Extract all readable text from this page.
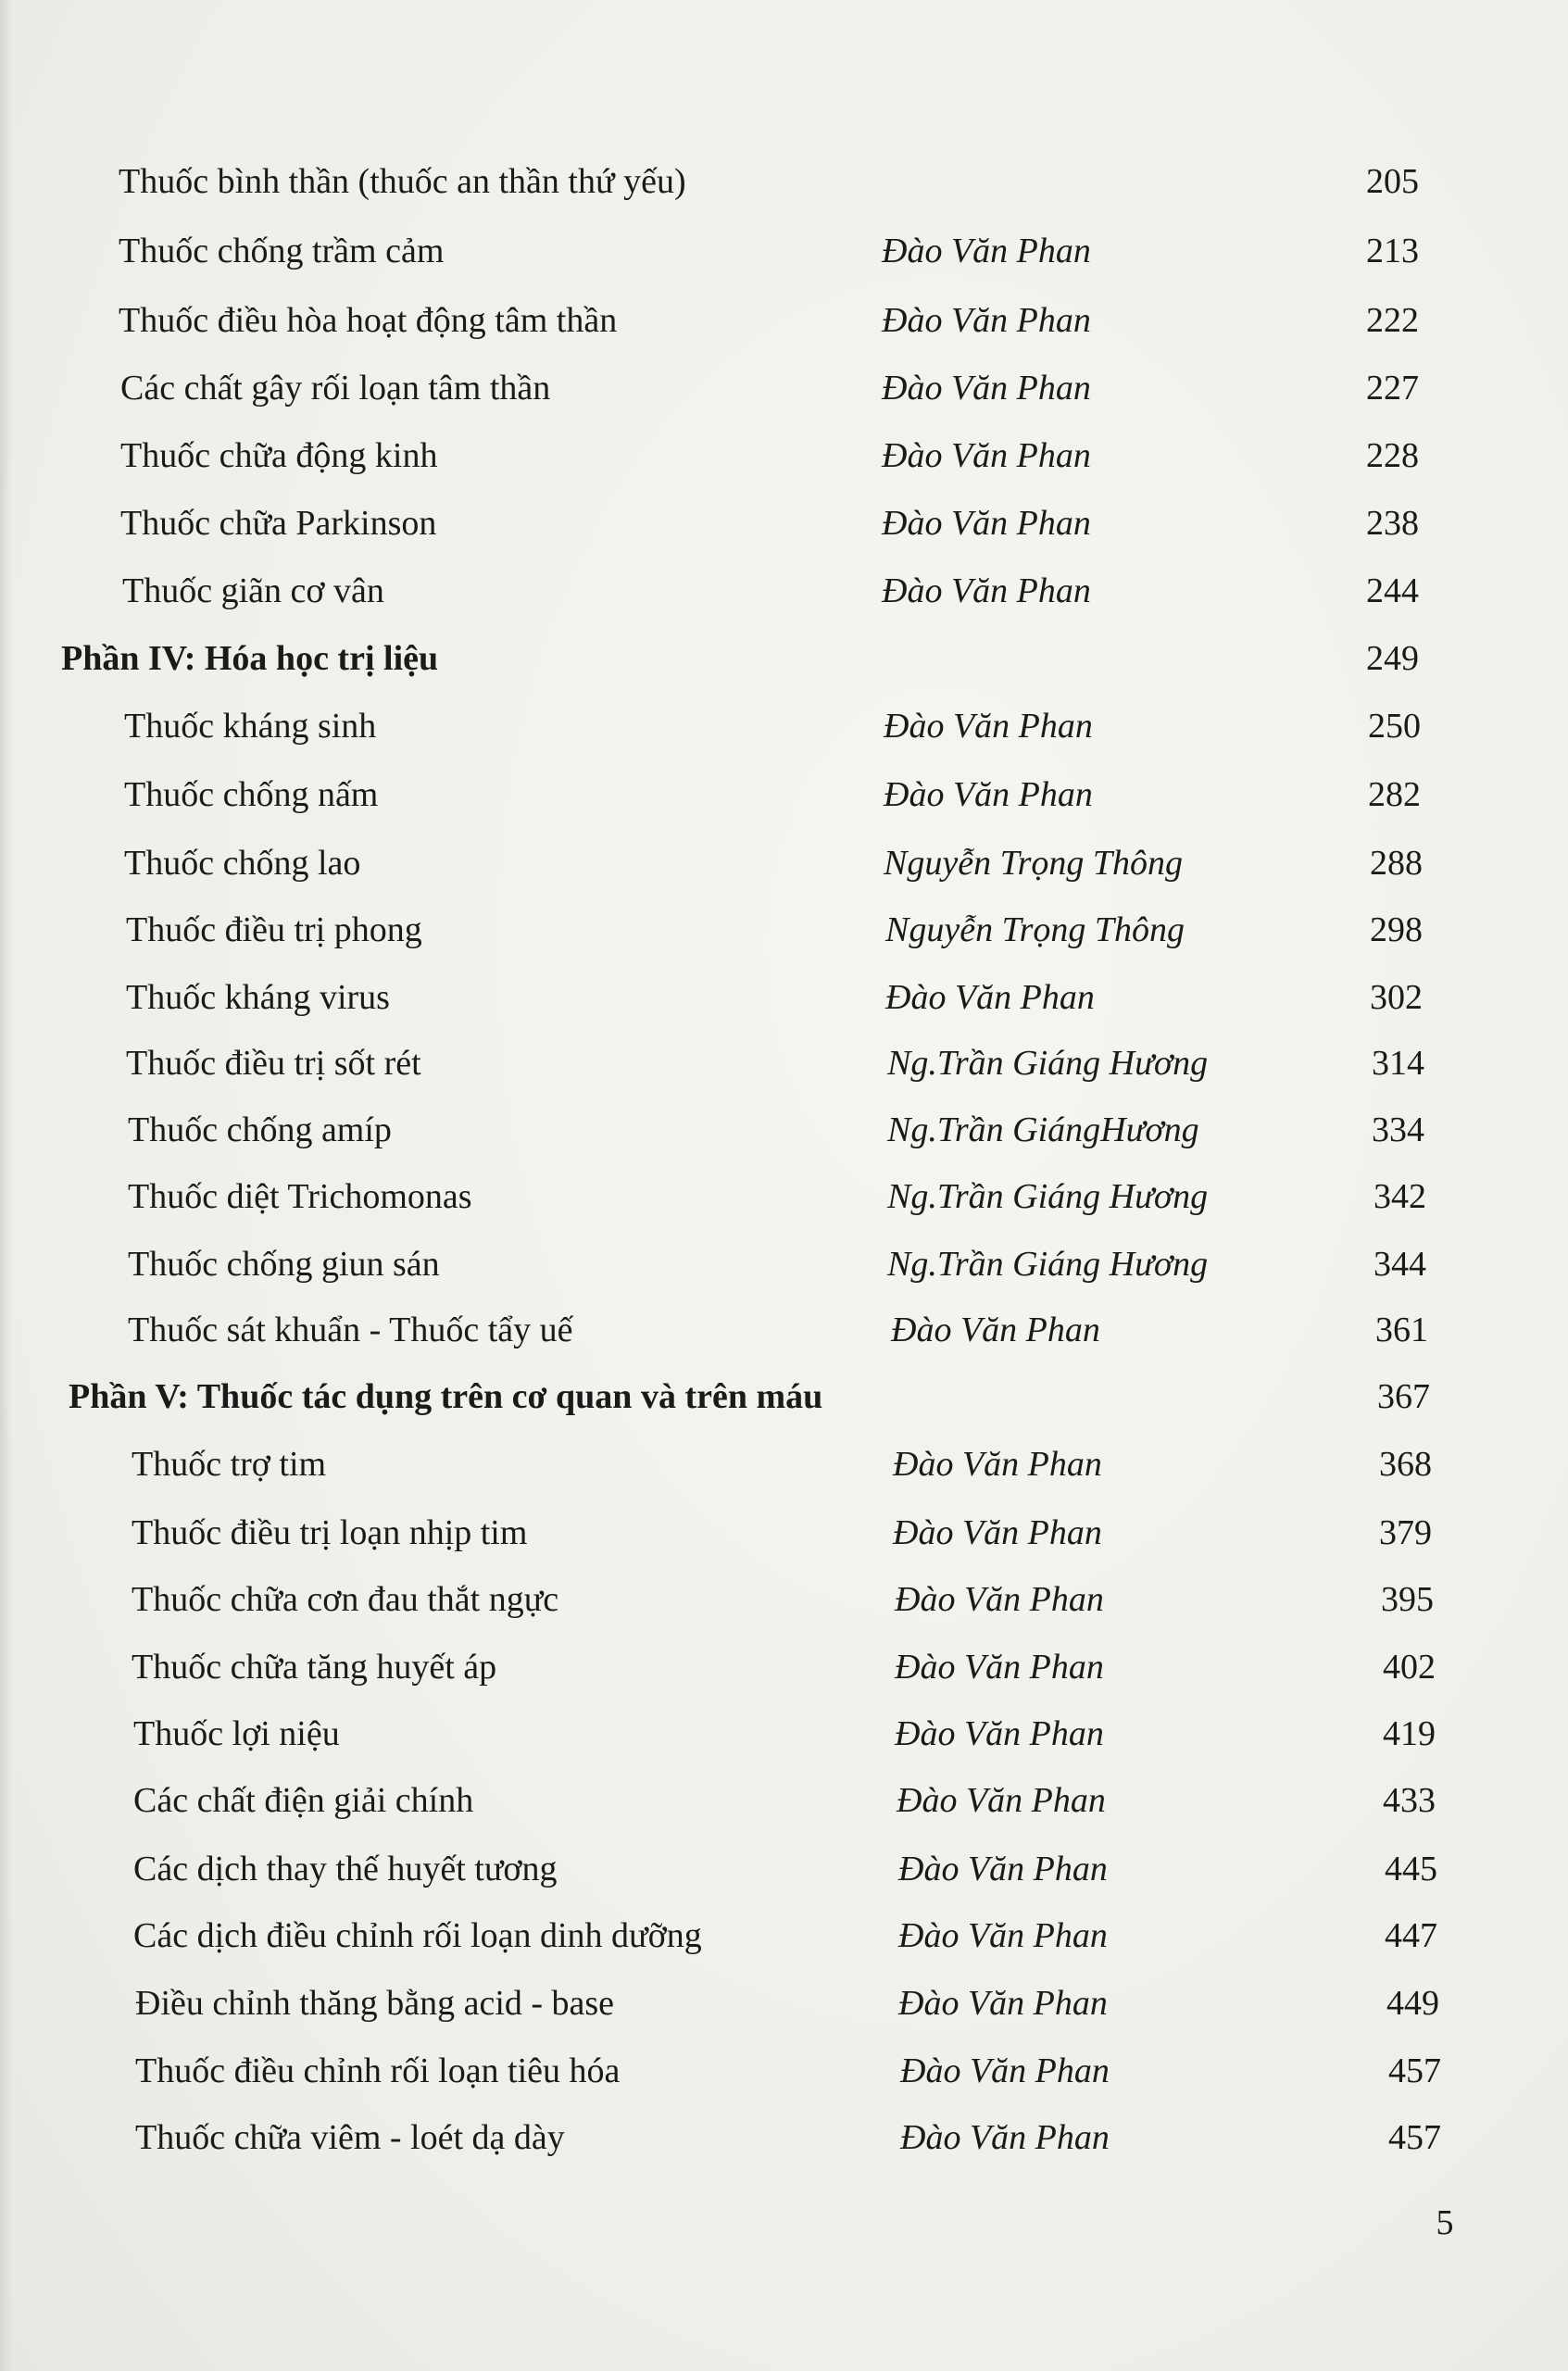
Thuốc bình thần (thuốc an thần thứ yếu)	205
Thuốc chống trầm cảm	Đào Văn Phan	213
Thuốc điều hòa hoạt động tâm thần	Đào Văn Phan	222
Các chất gây rối loạn tâm thần	Đào Văn Phan	227
Thuốc chữa động kinh	Đào Văn Phan	228
Thuốc chữa Parkinson	Đào Văn Phan	238
Thuốc giãn cơ vân	Đào Văn Phan	244
Phần IV: Hóa học trị liệu	249
Thuốc kháng sinh	Đào Văn Phan	250
Thuốc chống nấm	Đào Văn Phan	282
Thuốc chống lao	Nguyễn Trọng Thông	288
Thuốc điều trị phong	Nguyễn Trọng Thông	298
Thuốc kháng virus	Đào Văn Phan	302
Thuốc điều trị sốt rét	Ng.Trần Giáng Hương	314
Thuốc chống amíp	Ng.Trần GiángHương	334
Thuốc diệt Trichomonas	Ng.Trần Giáng Hương	342
Thuốc chống giun sán	Ng.Trần Giáng Hương	344
Thuốc sát khuẩn - Thuốc tẩy uế	Đào Văn Phan	361
Phần V: Thuốc tác dụng trên cơ quan và trên máu	367
Thuốc trợ tim	Đào Văn Phan	368
Thuốc điều trị loạn nhịp tim	Đào Văn Phan	379
Thuốc chữa cơn đau thắt ngực	Đào Văn Phan	395
Thuốc chữa tăng huyết áp	Đào Văn Phan	402
Thuốc lợi niệu	Đào Văn Phan	419
Các chất điện giải chính	Đào Văn Phan	433
Các dịch thay thế huyết tương	Đào Văn Phan	445
Các dịch điều chỉnh rối loạn dinh dưỡng	Đào Văn Phan	447
Điều chỉnh thăng bằng acid - base	Đào Văn Phan	449
Thuốc điều chỉnh rối loạn tiêu hóa	Đào Văn Phan	457
Thuốc chữa viêm - loét dạ dày	Đào Văn Phan	457
5
